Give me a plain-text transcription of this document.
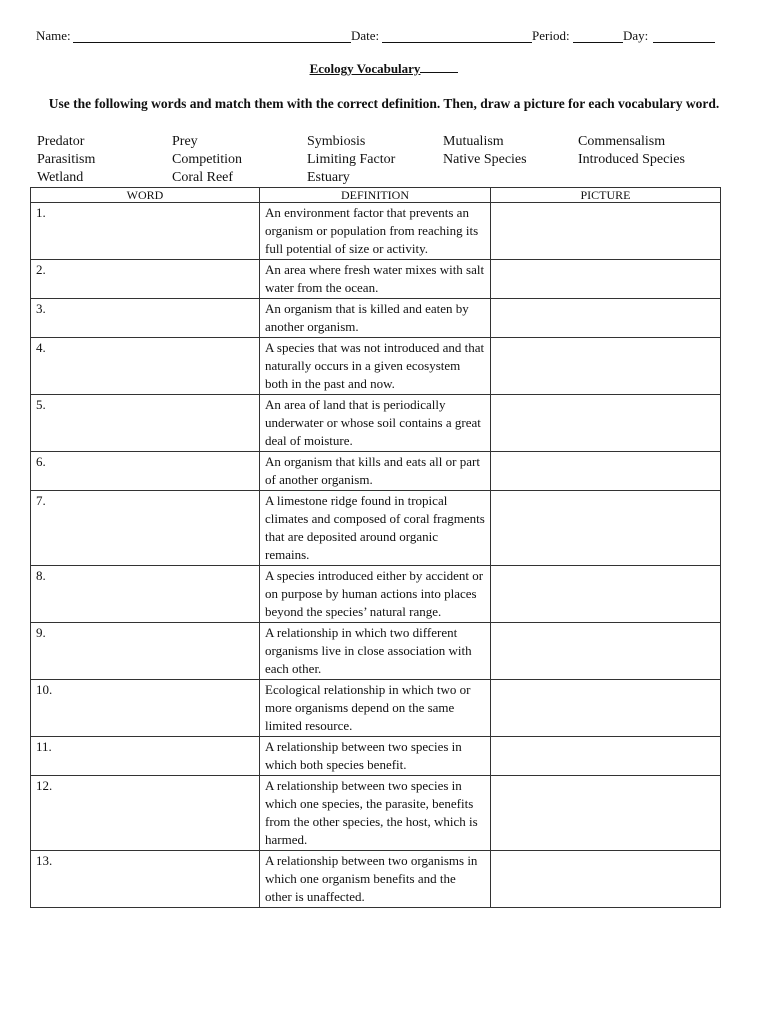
Name:	Date:	Period:	Day:
Ecology Vocabulary
Use the following words and match them with the correct definition. Then, draw a picture for each vocabulary word.
Predator	Prey	Symbiosis	Mutualism	Commensalism
Parasitism	Competition	Limiting Factor	Native Species	Introduced Species
Wetland	Coral Reef	Estuary
WORD	DEFINITION	PICTURE
1.	An environment factor that prevents an organism or population from reaching its full potential of size or activity.	
2.	An area where fresh water mixes with salt water from the ocean.	
3.	An organism that is killed and eaten by another organism.	
4.	A species that was not introduced and that naturally occurs in a given ecosystem both in the past and now.	
5.	An area of land that is periodically underwater or whose soil contains a great deal of moisture.	
6.	An organism that kills and eats all or part of another organism.	
7.	A limestone ridge found in tropical climates and composed of coral fragments that are deposited around organic remains.	
8.	A species introduced either by accident or on purpose by human actions into places beyond the species’ natural range.	
9.	A relationship in which two different organisms live in close association with each other.	
10.	Ecological relationship in which two or more organisms depend on the same limited resource.	
11.	A relationship between two species in which both species benefit.	
12.	A relationship between two species in which one species, the parasite, benefits from the other species, the host, which is harmed.	
13.	A relationship between two organisms in which one organism benefits and the other is unaffected.	
